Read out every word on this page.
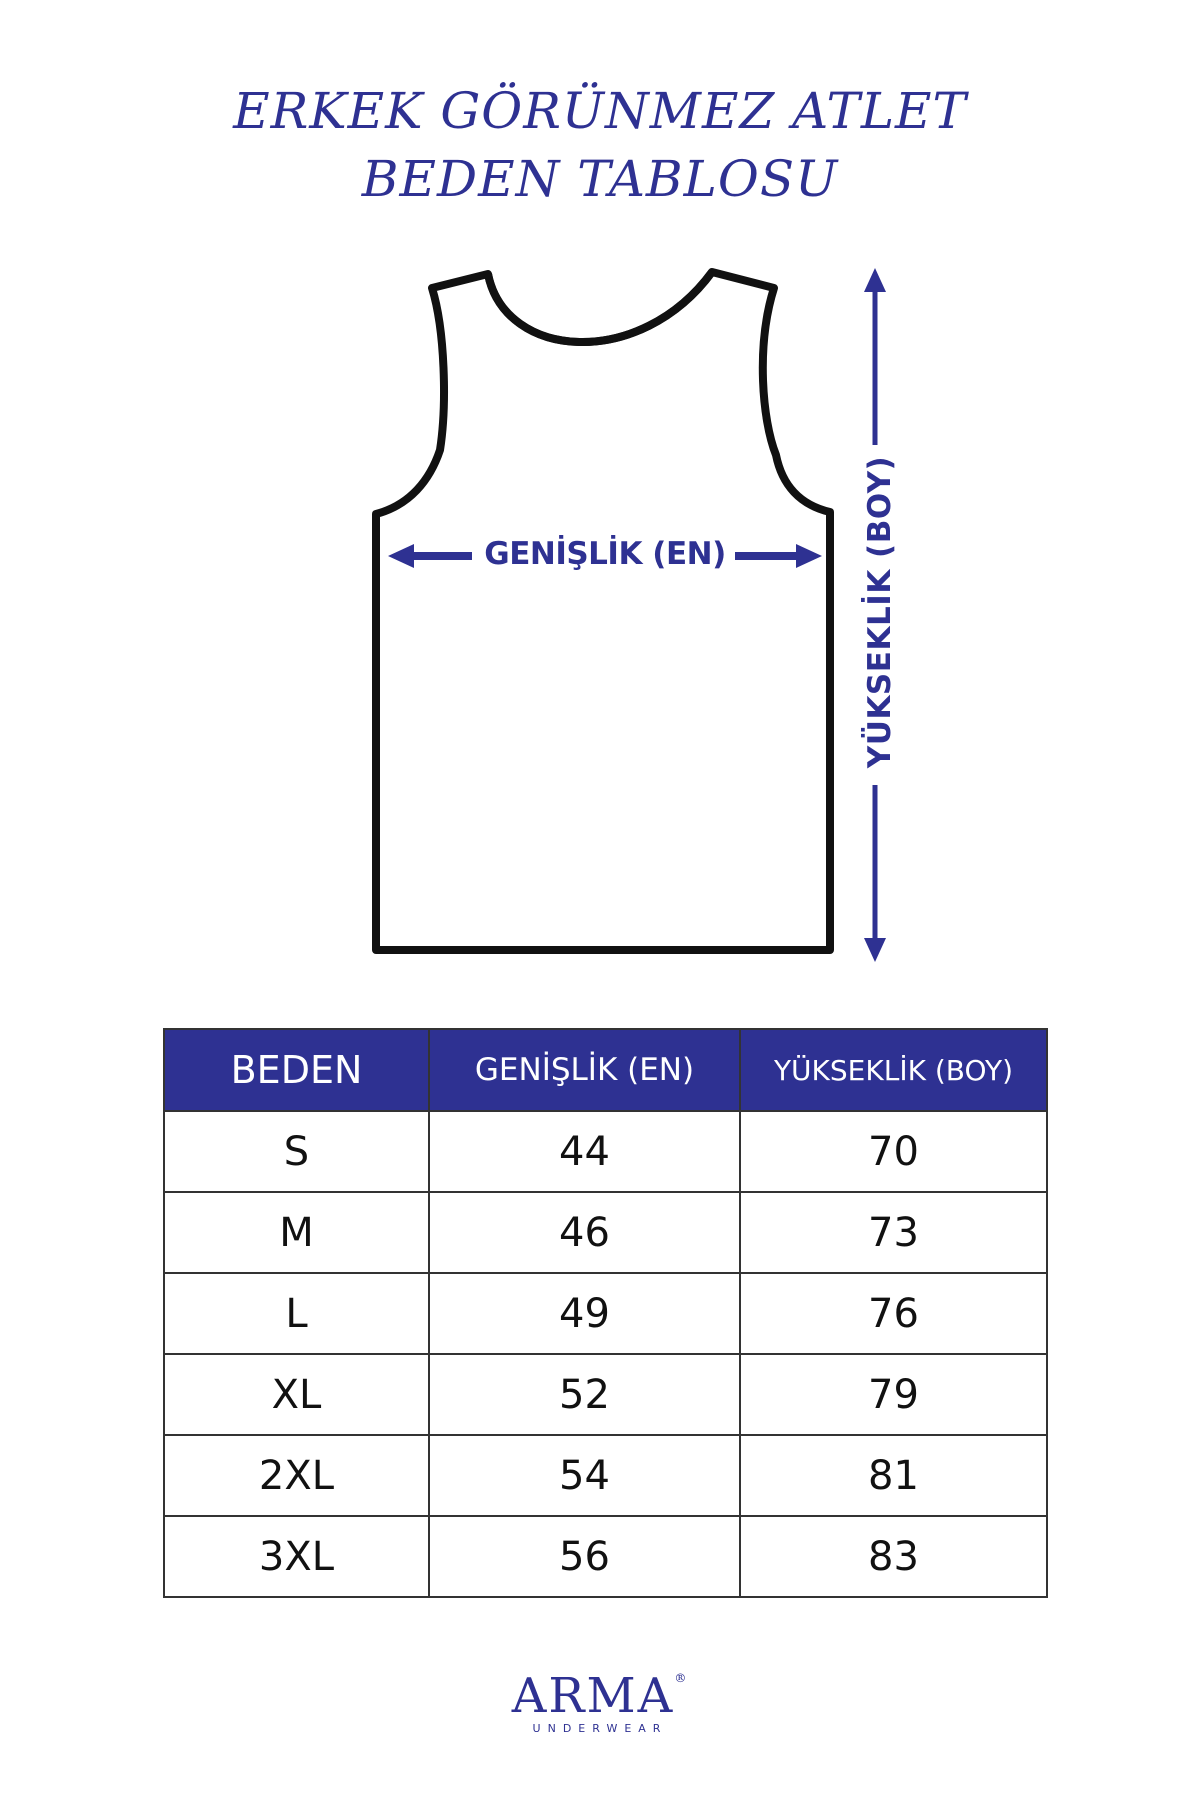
ERKEK GÖRÜNMEZ ATLET
BEDEN TABLOSU
GENİŞLİK (EN)	YÜKSEKLİK (BOY)
BEDEN	GENİŞLİK (EN)	YÜKSEKLİK (BOY)
S	44	70
M	46	73
L	49	76
XL	52	79
2XL	54	81
3XL	56	83
ARMA®
UNDERWEAR
